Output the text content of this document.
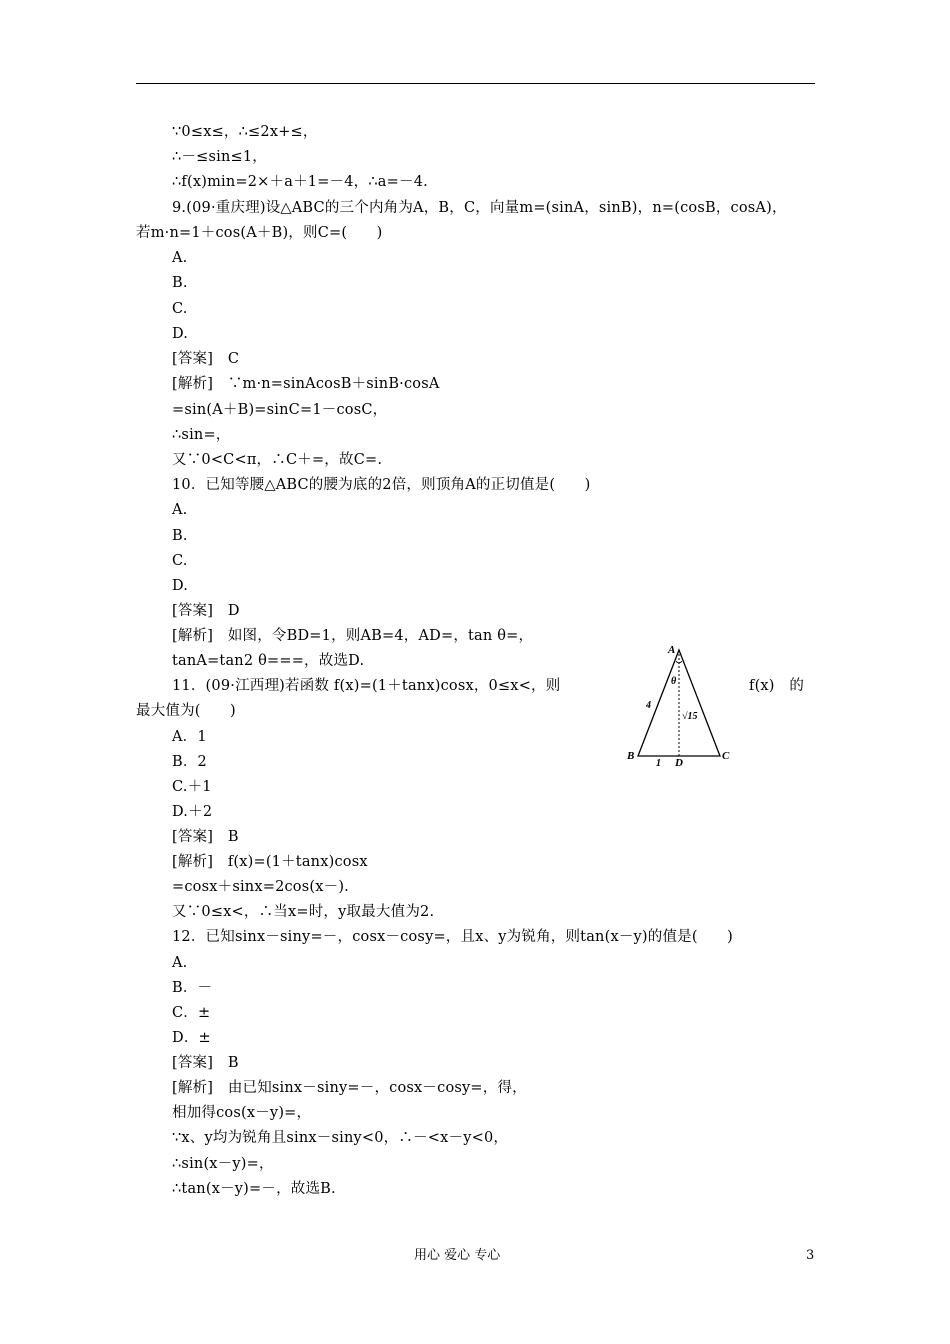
∵0≤x≤，∴≤2x+≤，
∴－≤sin≤1，
∴f(x)min=2×＋a＋1=－4，∴a=－4.
9.(09·重庆理)设△ABC的三个内角为A，B，C，向量m=(sinA，sinB)，n=(cosB，cosA)，
若m·n=1＋cos(A＋B)，则C=(　　)
A.
B.
C.
D.
[答案]　C
[解析]　∵m·n=sinAcosB＋sinB·cosA
=sin(A＋B)=sinC=1－cosC，
∴sin=，
又∵0<C<π，∴C＋=，故C=.
10．已知等腰△ABC的腰为底的2倍，则顶角A的正切值是(　　)
A.
B.
C.
D.
[答案]　D
[解析]　如图，令BD=1，则AB=4，AD=，tan θ=，
tanA=tan2 θ===，故选D.
11．(09·江西理)若函数 f(x)=(1＋tanx)cosx，0≤x<，则	f(x)　的
最大值为(　　)
A．1
B．2
C.＋1
D.＋2
[答案]　B
[解析]　f(x)=(1＋tanx)cosx
=cosx＋sinx=2cos(x－).
又∵0≤x<，∴当x=时，y取最大值为2.
12．已知sinx－siny=－，cosx－cosy=，且x、y为锐角，则tan(x－y)的值是(　　)
A.
B．－
C．±
D．±
[答案]　B
[解析]　由已知sinx－siny=－，cosx－cosy=，得，
相加得cos(x－y)=，
∵x、y均为锐角且sinx－siny<0，∴－<x－y<0，
∴sin(x－y)=，
∴tan(x－y)=－，故选B.
A
B	C
D
θ
4
1
√15
用心 爱心 专心	3
